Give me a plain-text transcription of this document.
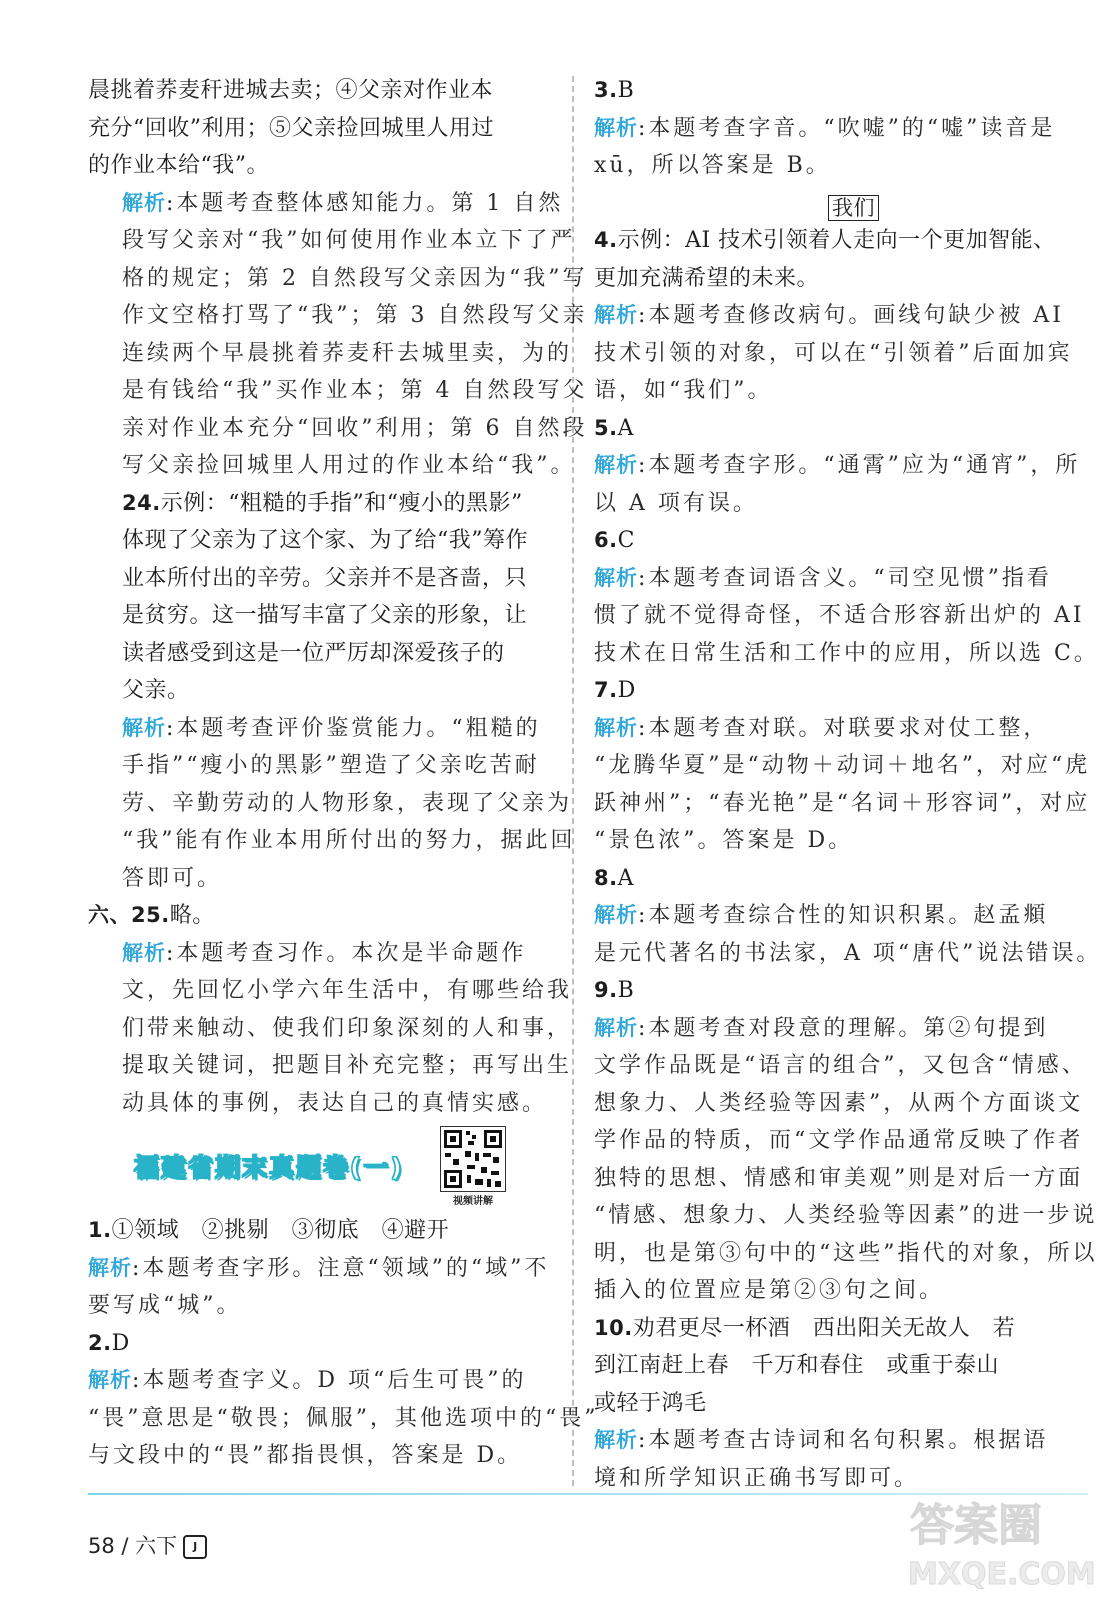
晨挑着荞麦秆进城去卖；④父亲对作业本
充分“回收”利用；⑤父亲捡回城里人用过
的作业本给“我”。
解析:本题考查整体感知能力。第 1 自然
段写父亲对“我”如何使用作业本立下了严
格的规定；第 2 自然段写父亲因为“我”写
作文空格打骂了“我”；第 3 自然段写父亲
连续两个早晨挑着荞麦秆去城里卖，为的
是有钱给“我”买作业本；第 4 自然段写父
亲对作业本充分“回收”利用；第 6 自然段
写父亲捡回城里人用过的作业本给“我”。
24.示例：“粗糙的手指”和“瘦小的黑影”
体现了父亲为了这个家、为了给“我”筹作
业本所付出的辛劳。父亲并不是吝啬，只
是贫穷。这一描写丰富了父亲的形象，让
读者感受到这是一位严厉却深爱孩子的
父亲。
解析:本题考查评价鉴赏能力。“粗糙的
手指”“瘦小的黑影”塑造了父亲吃苦耐
劳、辛勤劳动的人物形象，表现了父亲为
“我”能有作业本用所付出的努力，据此回
答即可。
六、25.略。
解析:本题考查习作。本次是半命题作
文，先回忆小学六年生活中，有哪些给我
们带来触动、使我们印象深刻的人和事，
提取关键词，把题目补充完整；再写出生
动具体的事例，表达自己的真情实感。
福建省期末真题卷(一)
视频讲解
1.①领域　②挑剔　③彻底　④避开
解析:本题考查字形。注意“领域”的“域”不
要写成“城”。
2.D
解析:本题考查字义。D 项“后生可畏”的
“畏”意思是“敬畏；佩服”，其他选项中的“畏”
与文段中的“畏”都指畏惧，答案是 D。
3.B
解析:本题考查字音。“吹嘘”的“嘘”读音是
xū，所以答案是 B。
我们
4.示例：AI 技术引领着人走向一个更加智能、
更加充满希望的未来。
解析:本题考查修改病句。画线句缺少被 AI
技术引领的对象，可以在“引领着”后面加宾
语，如“我们”。
5.A
解析:本题考查字形。“通霄”应为“通宵”，所
以 A 项有误。
6.C
解析:本题考查词语含义。“司空见惯”指看
惯了就不觉得奇怪，不适合形容新出炉的 AI
技术在日常生活和工作中的应用，所以选 C。
7.D
解析:本题考查对联。对联要求对仗工整，
“龙腾华夏”是“动物＋动词＋地名”，对应“虎
跃神州”；“春光艳”是“名词＋形容词”，对应
“景色浓”。答案是 D。
8.A
解析:本题考查综合性的知识积累。赵孟頫
是元代著名的书法家，A 项“唐代”说法错误。
9.B
解析:本题考查对段意的理解。第②句提到
文学作品既是“语言的组合”，又包含“情感、
想象力、人类经验等因素”，从两个方面谈文
学作品的特质，而“文学作品通常反映了作者
独特的思想、情感和审美观”则是对后一方面
“情感、想象力、人类经验等因素”的进一步说
明，也是第③句中的“这些”指代的对象，所以
插入的位置应是第②③句之间。
10.劝君更尽一杯酒　西出阳关无故人　若
到江南赶上春　千万和春住　或重于泰山
或轻于鸿毛
解析:本题考查古诗词和名句积累。根据语
境和所学知识正确书写即可。
58 / 六下 J	答案圈
MXQE.COM
